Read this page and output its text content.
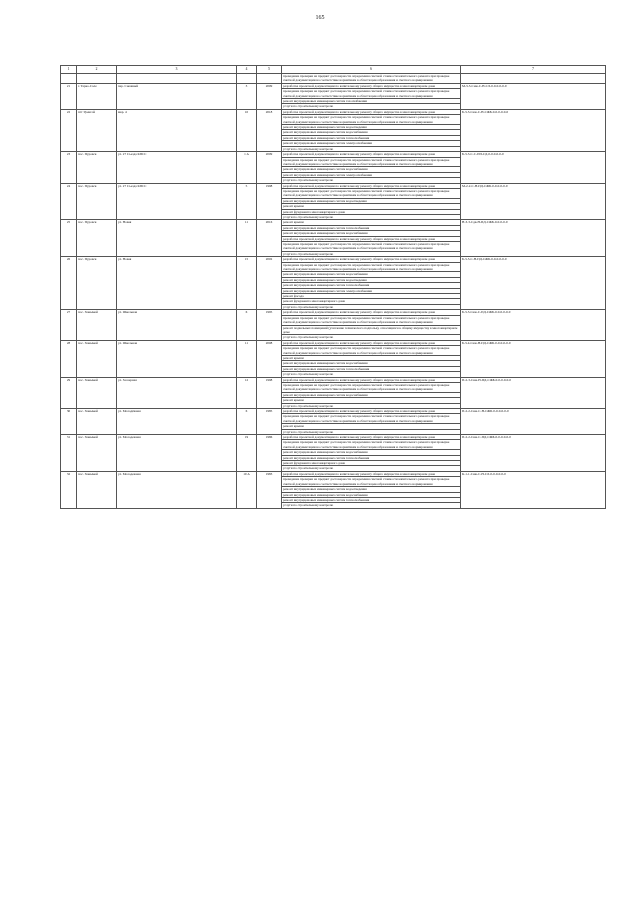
165
1	2	3	4	5	6	7
					проведение проверки на предмет достоверности определения сметной стоимости капитального ремонта при проверке сметной документации на соответствие нормативам в области ценообразования и сметного нормирования	
21	г. Тарко-Сале	пер. Снежный	3	2009	разработка проектной документации по капитальному ремонту общего имущества в многоквартирном доме	М-3-3-Снж-С-Н-СЛ-0-0-0-0-0-0
					проведение проверки на предмет достоверности определения сметной стоимости капитального ремонта при проверке сметной документации на соответствие нормативам в области ценообразования и сметного нормирования	
					ремонт внутридомовых инженерных систем газоснабжения	
					услуги по строительному контролю	
22	пгт Уренгой	мкр. 4	10	2018	разработка проектной документации по капитальному ремонту общего имущества в многоквартирном доме	Б-3-3-Снж-С-Н-СЖБ-0-0-0-0-0-0
					проведение проверки на предмет достоверности определения сметной стоимости капитального ремонта при проверке сметной документации на соответствие нормативам в области ценообразования и сметного нормирования	
					ремонт внутридомовых инженерных систем водоотведения	
					ремонт внутридомовых инженерных систем водоснабжения	
					ремонт внутридомовых инженерных систем теплоснабжения	
					ремонт внутридомовых инженерных систем электроснабжения	
					услуги по строительному контролю	
23	пос. Пуровск	ул. 27 Съезда КПСС	1 А	2009	разработка проектной документации по капитальному ремонту общего имущества в многоквартирном доме	Б-3-3-С-С-ПП-СД-0-0-0-0-0-0
					проведение проверки на предмет достоверности определения сметной стоимости капитального ремонта при проверке сметной документации на соответствие нормативам в области ценообразования и сметного нормирования	
					ремонт внутридомовых инженерных систем водоснабжения	
					ремонт внутридомовых инженерных систем электроснабжения	
					услуги по строительному контролю	
24	пос. Пуровск	ул. 27 Съезда КПСС	5	1998	разработка проектной документации по капитальному ремонту общего имущества в многоквартирном доме	М-2-2-С-Н-ПД-СЖБ-0-0-0-0-0-0
					проведение проверки на предмет достоверности определения сметной стоимости капитального ремонта при проверке сметной документации на соответствие нормативам в области ценообразования и сметного нормирования	
					ремонт внутридомовых инженерных систем водоотведения	
					ремонт крыши	
					ремонт фундамента многоквартирного дома	
					услуги по строительному контролю	
25	пос. Пуровск	ул. Новая	11	2016	ремонт крыши	Н-3-3-Сдв-Н-ПД-СЖБ-0-0-0-0-0
					ремонт внутридомовых инженерных систем теплоснабжения	
					ремонт внутридомовых инженерных систем водоснабжения	
					разработка проектной документации по капитальному ремонту общего имущества в многоквартирном доме	
					проведение проверки на предмет достоверности определения сметной стоимости капитального ремонта при проверке сметной документации на соответствие нормативам в области ценообразования и сметного нормирования	
					услуги по строительному контролю	
26	пос. Пуровск	ул. Новая	15	2002	разработка проектной документации по капитальному ремонту общего имущества в многоквартирном доме	Б-3-3-С-Н-ПД-СЖБ-0-0-0-0-0-0
					проведение проверки на предмет достоверности определения сметной стоимости капитального ремонта при проверке сметной документации на соответствие нормативам в области ценообразования и сметного нормирования	
					ремонт внутридомовых инженерных систем водоснабжения	
					ремонт внутридомовых инженерных систем водоотведения	
					ремонт внутридомовых инженерных систем теплоснабжения	
					ремонт внутридомовых инженерных систем электроснабжения	
					ремонт фасада	
					ремонт фундамента многоквартирного дома	
					услуги по строительному контролю	
27	пос. Ханымей	ул. Школьная	6	1995	разработка проектной документации по капитальному ремонту общего имущества в многоквартирном доме	Б-3-3-Снж-С-ПД-СЖБ-0-0-0-0-0-0
					проведение проверки на предмет достоверности определения сметной стоимости капитального ремонта при проверке сметной документации на соответствие нормативам в области ценообразования и сметного нормирования	
					ремонт подвальных помещений (утепление технического подполья), относящихся к общему имуществу в многоквартирном доме	
					услуги по строительному контролю	
28	пос. Ханымей	ул. Школьная	11	2008	разработка проектной документации по капитальному ремонту общего имущества в многоквартирном доме	Б-3-4-Снж-Н-ПД-СЖБ-0-0-0-0-0-0
					проведение проверки на предмет достоверности определения сметной стоимости капитального ремонта при проверке сметной документации на соответствие нормативам в области ценообразования и сметного нормирования	
					ремонт крыши	
					ремонт внутридомовых инженерных систем водоснабжения	
					ремонт внутридомовых инженерных систем теплоснабжения	
					услуги по строительному контролю	
29	пос. Ханымей	ул. Заозерная	12	1998	разработка проектной документации по капитальному ремонту общего имущества в многоквартирном доме	П-2-3-Снж-Н-ПД-СЖБ-0-0-0-0-0-0
					проведение проверки на предмет достоверности определения сметной стоимости капитального ремонта при проверке сметной документации на соответствие нормативам в области ценообразования и сметного нормирования	
					ремонт внутридомовых инженерных систем водоснабжения	
					ремонт крыши	
					услуги по строительному контролю	
30	пос. Ханымей	ул. Молодёжная	6	1985	разработка проектной документации по капитальному ремонту общего имущества в многоквартирном доме	П-2-2-Снж-С-Н-СЖБ-0-0-0-0-0-0
					проведение проверки на предмет достоверности определения сметной стоимости капитального ремонта при проверке сметной документации на соответствие нормативам в области ценообразования и сметного нормирования	
					ремонт крыши	
					услуги по строительному контролю	
31	пос. Ханымей	ул. Молодежная	19	1986	разработка проектной документации по капитальному ремонту общего имущества в многоквартирном доме	П-2-2-Снж-С-ПД-СЖБ-0-0-0-0-0-0
					проведение проверки на предмет достоверности определения сметной стоимости капитального ремонта при проверке сметной документации на соответствие нормативам в области ценообразования и сметного нормирования	
					ремонт внутридомовых инженерных систем водоснабжения	
					ремонт внутридомовых инженерных систем теплоснабжения	
					ремонт фундамента многоквартирного дома	
					услуги по строительному контролю	
32	пос. Ханымей	ул. Молодежная	10 А	1983	разработка проектной документации по капитальному ремонту общего имущества в многоквартирном доме	К-1-1-Снж-С-Н-СЛ-0-0-0-0-0-0
					проведение проверки на предмет достоверности определения сметной стоимости капитального ремонта при проверке сметной документации на соответствие нормативам в области ценообразования и сметного нормирования	
					ремонт внутридомовых инженерных систем водоотведения	
					ремонт внутридомовых инженерных систем водоснабжения	
					ремонт внутридомовых инженерных систем теплоснабжения	
					услуги по строительному контролю	
